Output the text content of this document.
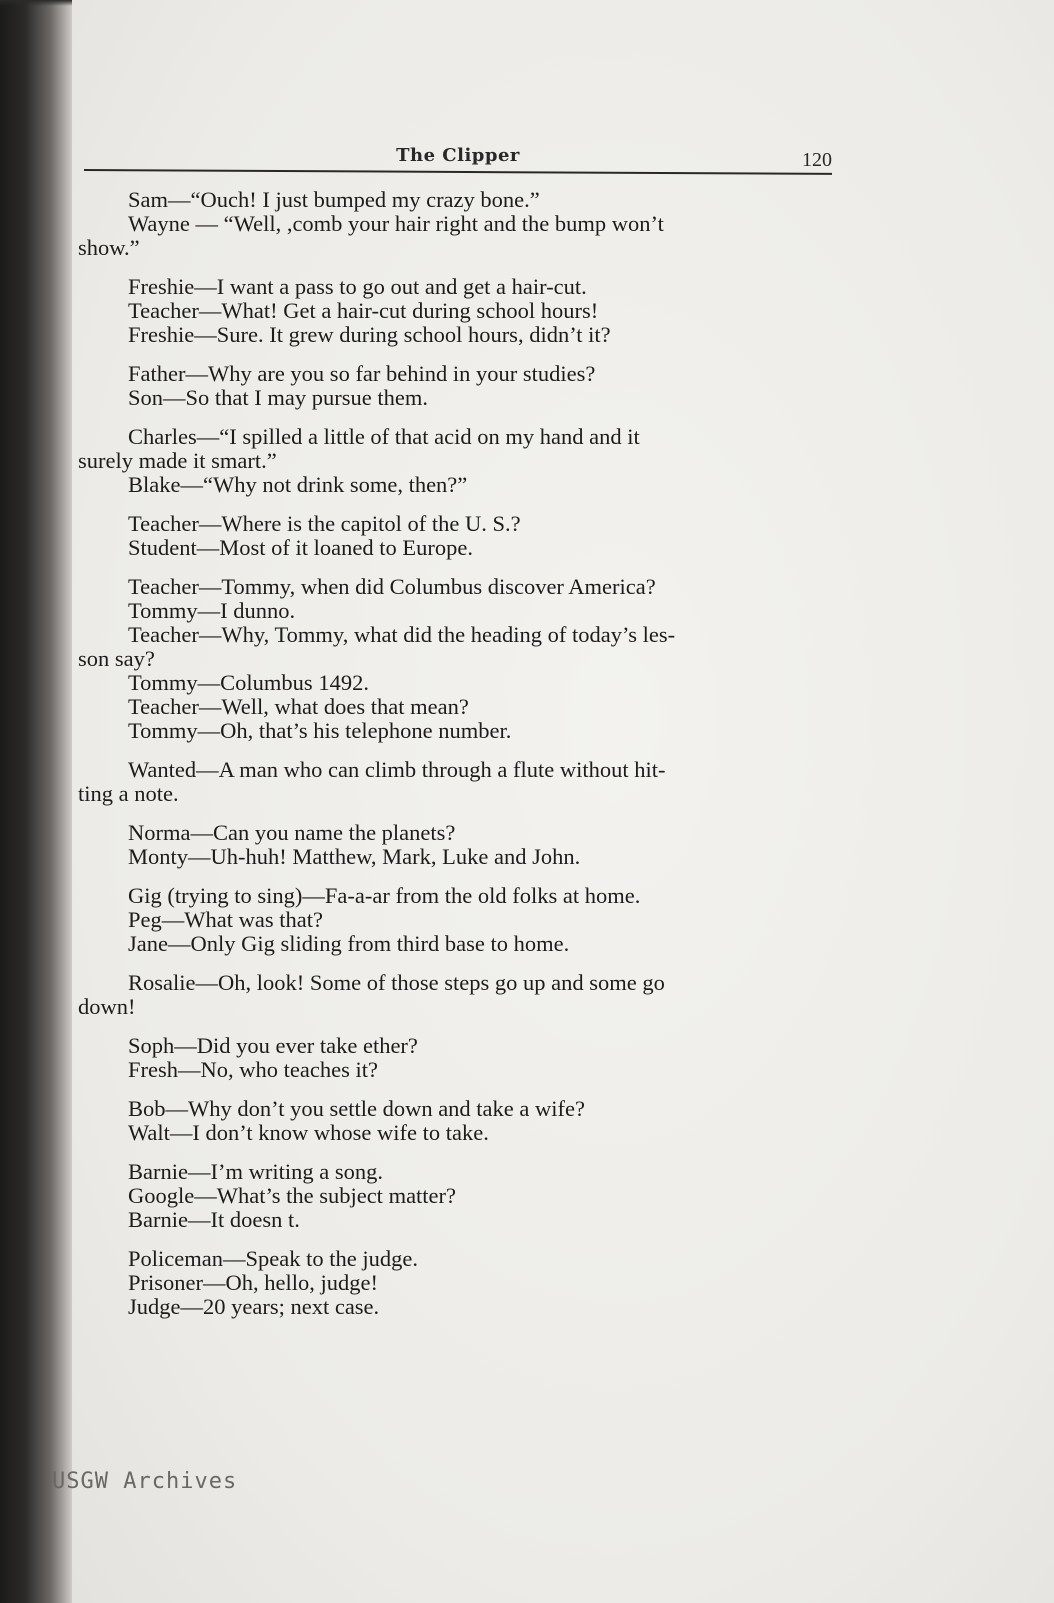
The Clipper	120
Sam—“Ouch! I just bumped my crazy bone.”
Wayne — “Well, ,comb your hair right and the bump won’t
show.”
Freshie—I want a pass to go out and get a hair-cut.
Teacher—What! Get a hair-cut during school hours!
Freshie—Sure. It grew during school hours, didn’t it?
Father—Why are you so far behind in your studies?
Son—So that I may pursue them.
Charles—“I spilled a little of that acid on my hand and it
surely made it smart.”
Blake—“Why not drink some, then?”
Teacher—Where is the capitol of the U. S.?
Student—Most of it loaned to Europe.
Teacher—Tommy, when did Columbus discover America?
Tommy—I dunno.
Teacher—Why, Tommy, what did the heading of today’s les-
son say?
Tommy—Columbus 1492.
Teacher—Well, what does that mean?
Tommy—Oh, that’s his telephone number.
Wanted—A man who can climb through a flute without hit-
ting a note.
Norma—Can you name the planets?
Monty—Uh-huh! Matthew, Mark, Luke and John.
Gig (trying to sing)—Fa-a-ar from the old folks at home.
Peg—What was that?
Jane—Only Gig sliding from third base to home.
Rosalie—Oh, look! Some of those steps go up and some go
down!
Soph—Did you ever take ether?
Fresh—No, who teaches it?
Bob—Why don’t you settle down and take a wife?
Walt—I don’t know whose wife to take.
Barnie—I’m writing a song.
Google—What’s the subject matter?
Barnie—It doesn t.
Policeman—Speak to the judge.
Prisoner—Oh, hello, judge!
Judge—20 years; next case.
USGW Archives
